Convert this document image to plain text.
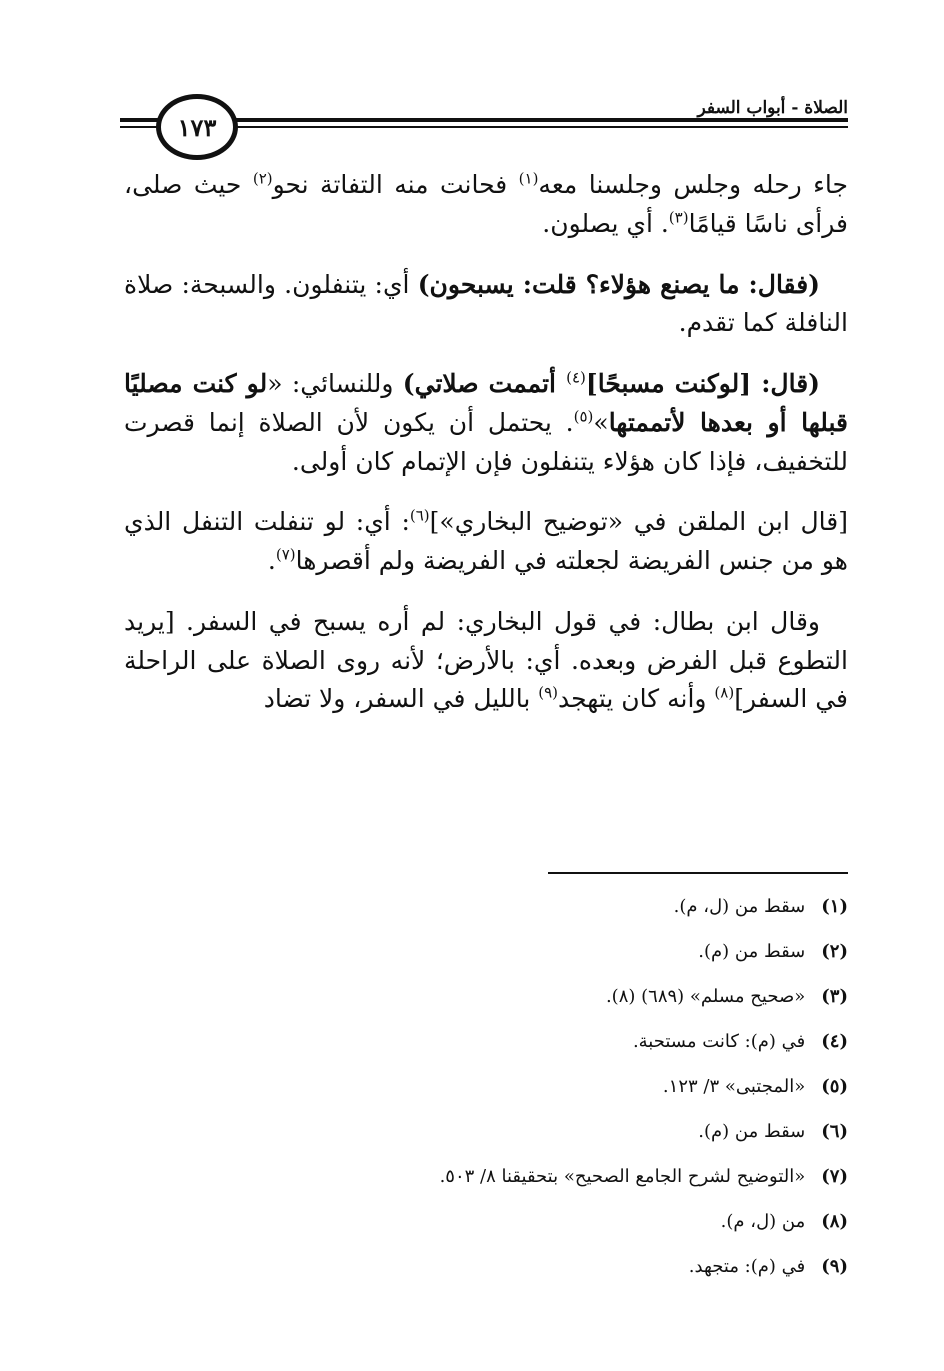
الصلاة - أبواب السفر
١٧٣

جاء رحله وجلس وجلسنا معه$^{(١)}$ فحانت منه التفاتة نحو$^{(٢)}$ حيث صلى، فرأى ناسًا قيامًا$^{(٣)}$. أي يصلون.

(فقال: ما يصنع هؤلاء؟ قلت: يسبحون) أي: يتنفلون. والسبحة: صلاة النافلة كما تقدم.

(قال: [لوكنت مسبحًا]$^{(٤)}$ أتممت صلاتي) وللنسائي: «لو كنت مصليًا قبلها أو بعدها لأتممتها»$^{(٥)}$. يحتمل أن يكون لأن الصلاة إنما قصرت للتخفيف، فإذا كان هؤلاء يتنفلون فإن الإتمام كان أولى.

[قال ابن الملقن في «توضيح البخاري»]$^{(٦)}$: أي: لو تنفلت التنفل الذي هو من جنس الفريضة لجعلته في الفريضة ولم أقصرها$^{(٧)}$.

وقال ابن بطال: في قول البخاري: لم أره يسبح في السفر. [يريد التطوع قبل الفرض وبعده. أي: بالأرض؛ لأنه روى الصلاة على الراحلة في السفر]$^{(٨)}$ وأنه كان يتهجد$^{(٩)}$ بالليل في السفر، ولا تضاد

(١)
سقط من (ل، م).
(٢)
سقط من (م).
(٣)
«صحيح مسلم» (٦٨٩) (٨).
(٤)
في (م): كانت مستحبة.
(٥)
«المجتبى» ٣/ ١٢٣.
(٦)
سقط من (م).
(٧)
«التوضيح لشرح الجامع الصحيح» بتحقيقنا ٨/ ٥٠٣.
(٨)
من (ل، م).
(٩)
في (م): متجهد.
